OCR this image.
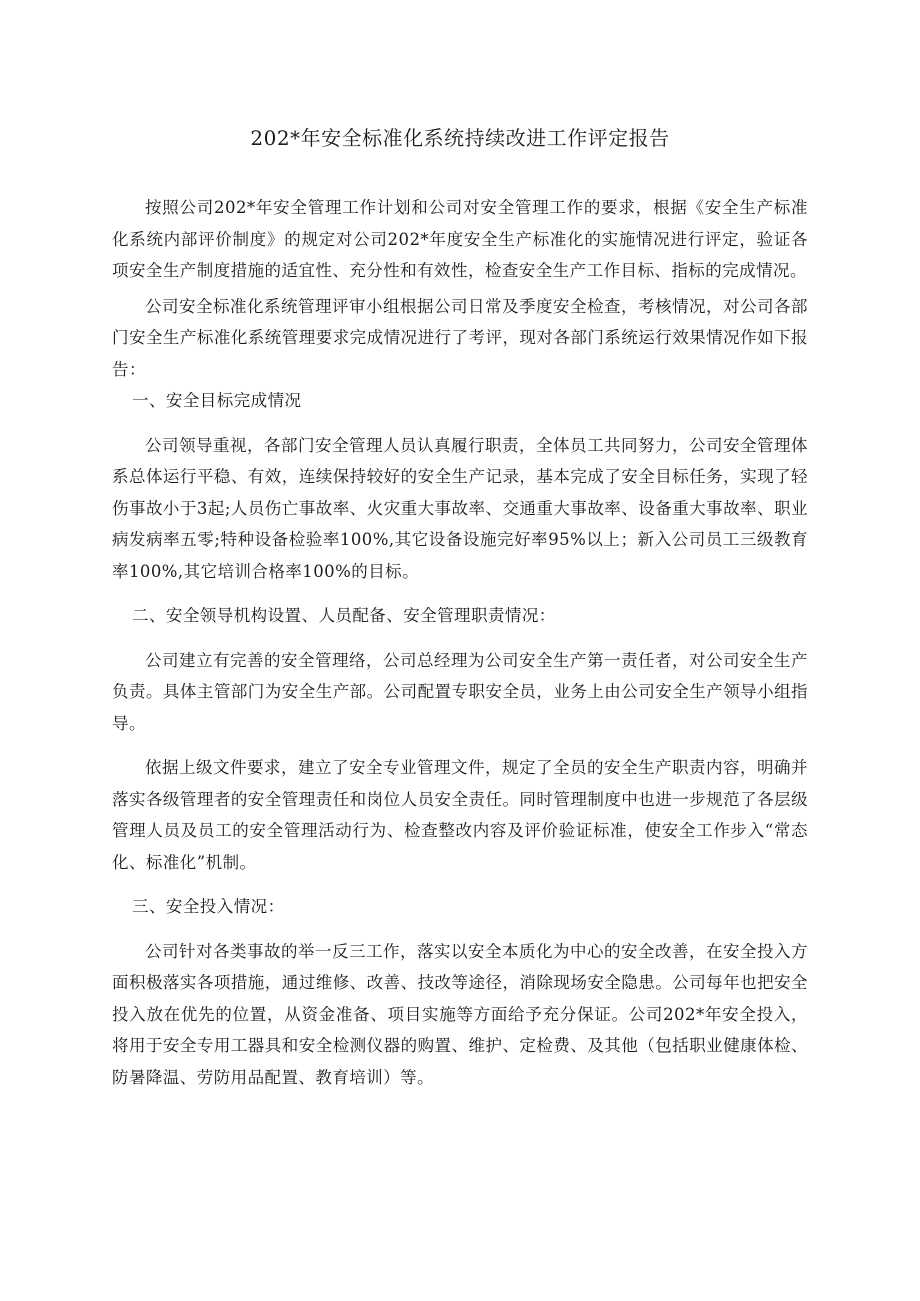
202*年安全标准化系统持续改进工作评定报告

按照公司202*年安全管理工作计划和公司对安全管理工作的要求，根据《安全生产标准化系统内部评价制度》的规定对公司202*年度安全生产标准化的实施情况进行评定，验证各项安全生产制度措施的适宜性、充分性和有效性，检查安全生产工作目标、指标的完成情况。

公司安全标准化系统管理评审小组根据公司日常及季度安全检查，考核情况，对公司各部门安全生产标准化系统管理要求完成情况进行了考评，现对各部门系统运行效果情况作如下报告：

一、安全目标完成情况

公司领导重视，各部门安全管理人员认真履行职责，全体员工共同努力，公司安全管理体系总体运行平稳、有效，连续保持较好的安全生产记录，基本完成了安全目标任务，实现了轻伤事故小于3起;人员伤亡事故率、火灾重大事故率、交通重大事故率、设备重大事故率、职业病发病率五零;特种设备检验率100%,其它设备设施完好率95%以上；新入公司员工三级教育率100%,其它培训合格率100%的目标。

二、安全领导机构设置、人员配备、安全管理职责情况：

公司建立有完善的安全管理络，公司总经理为公司安全生产第一责任者，对公司安全生产负责。具体主管部门为安全生产部。公司配置专职安全员，业务上由公司安全生产领导小组指导。

依据上级文件要求，建立了安全专业管理文件，规定了全员的安全生产职责内容，明确并落实各级管理者的安全管理责任和岗位人员安全责任。同时管理制度中也进一步规范了各层级管理人员及员工的安全管理活动行为、检查整改内容及评价验证标准，使安全工作步入“常态化、标准化”机制。

三、安全投入情况：

公司针对各类事故的举一反三工作，落实以安全本质化为中心的安全改善，在安全投入方面积极落实各项措施，通过维修、改善、技改等途径，消除现场安全隐患。公司每年也把安全投入放在优先的位置，从资金准备、项目实施等方面给予充分保证。公司202*年安全投入，将用于安全专用工器具和安全检测仪器的购置、维护、定检费、及其他（包括职业健康体检、防暑降温、劳防用品配置、教育培训）等。
